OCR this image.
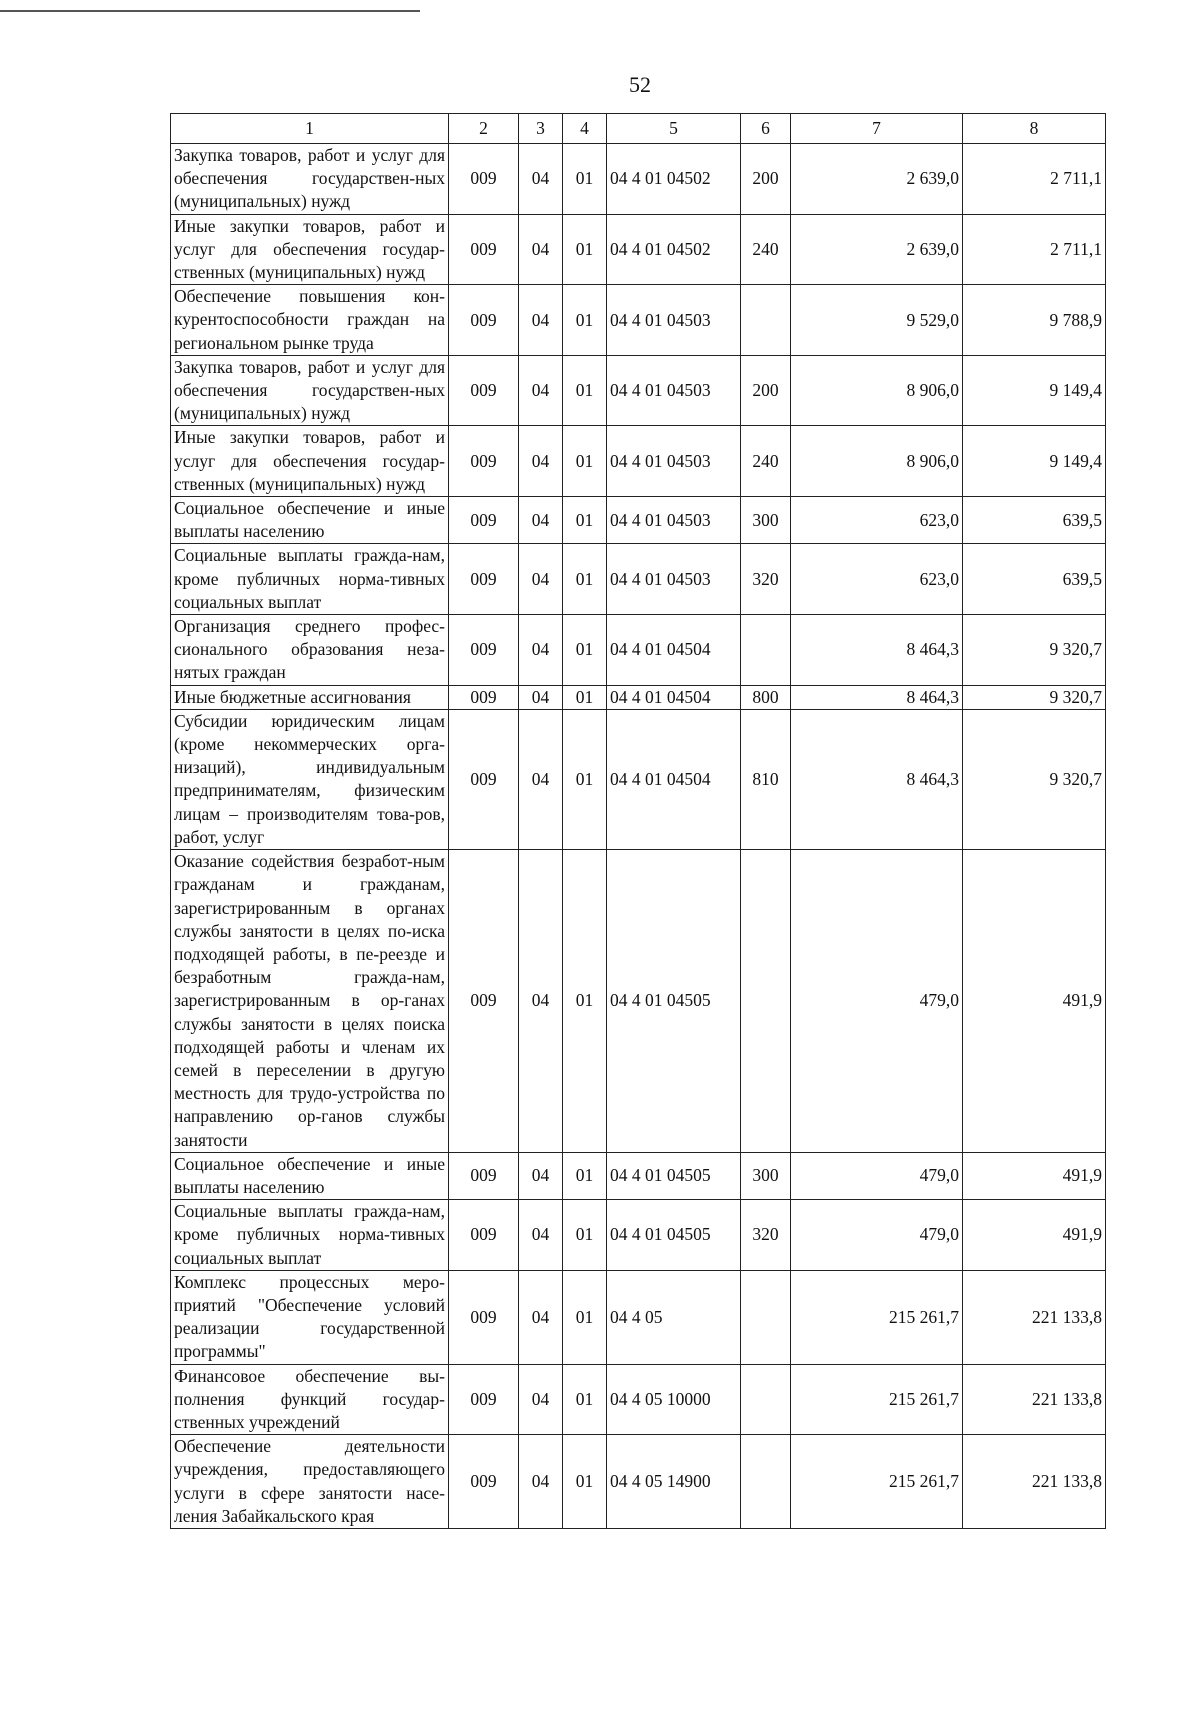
52
1	2	3	4	5	6	7	8
Закупка товаров, работ и услуг для обеспечения государствен-ных (муниципальных) нужд	009	04	01	04 4 01 04502	200	2 639,0	2 711,1
Иные закупки товаров, работ и услуг для обеспечения государ-ственных (муниципальных) нужд	009	04	01	04 4 01 04502	240	2 639,0	2 711,1
Обеспечение повышения кон-курентоспособности граждан на региональном рынке труда	009	04	01	04 4 01 04503		9 529,0	9 788,9
Закупка товаров, работ и услуг для обеспечения государствен-ных (муниципальных) нужд	009	04	01	04 4 01 04503	200	8 906,0	9 149,4
Иные закупки товаров, работ и услуг для обеспечения государ-ственных (муниципальных) нужд	009	04	01	04 4 01 04503	240	8 906,0	9 149,4
Социальное обеспечение и иные выплаты населению	009	04	01	04 4 01 04503	300	623,0	639,5
Социальные выплаты гражда-нам, кроме публичных норма-тивных социальных выплат	009	04	01	04 4 01 04503	320	623,0	639,5
Организация среднего профес-сионального образования неза-нятых граждан	009	04	01	04 4 01 04504		8 464,3	9 320,7
Иные бюджетные ассигнования	009	04	01	04 4 01 04504	800	8 464,3	9 320,7
Субсидии юридическим лицам (кроме некоммерческих орга-низаций), индивидуальным предпринимателям, физическим лицам – производителям това-ров, работ, услуг	009	04	01	04 4 01 04504	810	8 464,3	9 320,7
Оказание содействия безработ-ным гражданам и гражданам, зарегистрированным в органах службы занятости в целях по-иска подходящей работы, в пе-реезде и безработным гражда-нам, зарегистрированным в ор-ганах службы занятости в целях поиска подходящей работы и членам их семей в переселении в другую местность для трудо-устройства по направлению ор-ганов службы занятости	009	04	01	04 4 01 04505		479,0	491,9
Социальное обеспечение и иные выплаты населению	009	04	01	04 4 01 04505	300	479,0	491,9
Социальные выплаты гражда-нам, кроме публичных норма-тивных социальных выплат	009	04	01	04 4 01 04505	320	479,0	491,9
Комплекс процессных меро-приятий "Обеспечение условий реализации государственной программы"	009	04	01	04 4 05		215 261,7	221 133,8
Финансовое обеспечение вы-полнения функций государ-ственных учреждений	009	04	01	04 4 05 10000		215 261,7	221 133,8
Обеспечение деятельности учреждения, предоставляющего услуги в сфере занятости насе-ления Забайкальского края	009	04	01	04 4 05 14900		215 261,7	221 133,8
